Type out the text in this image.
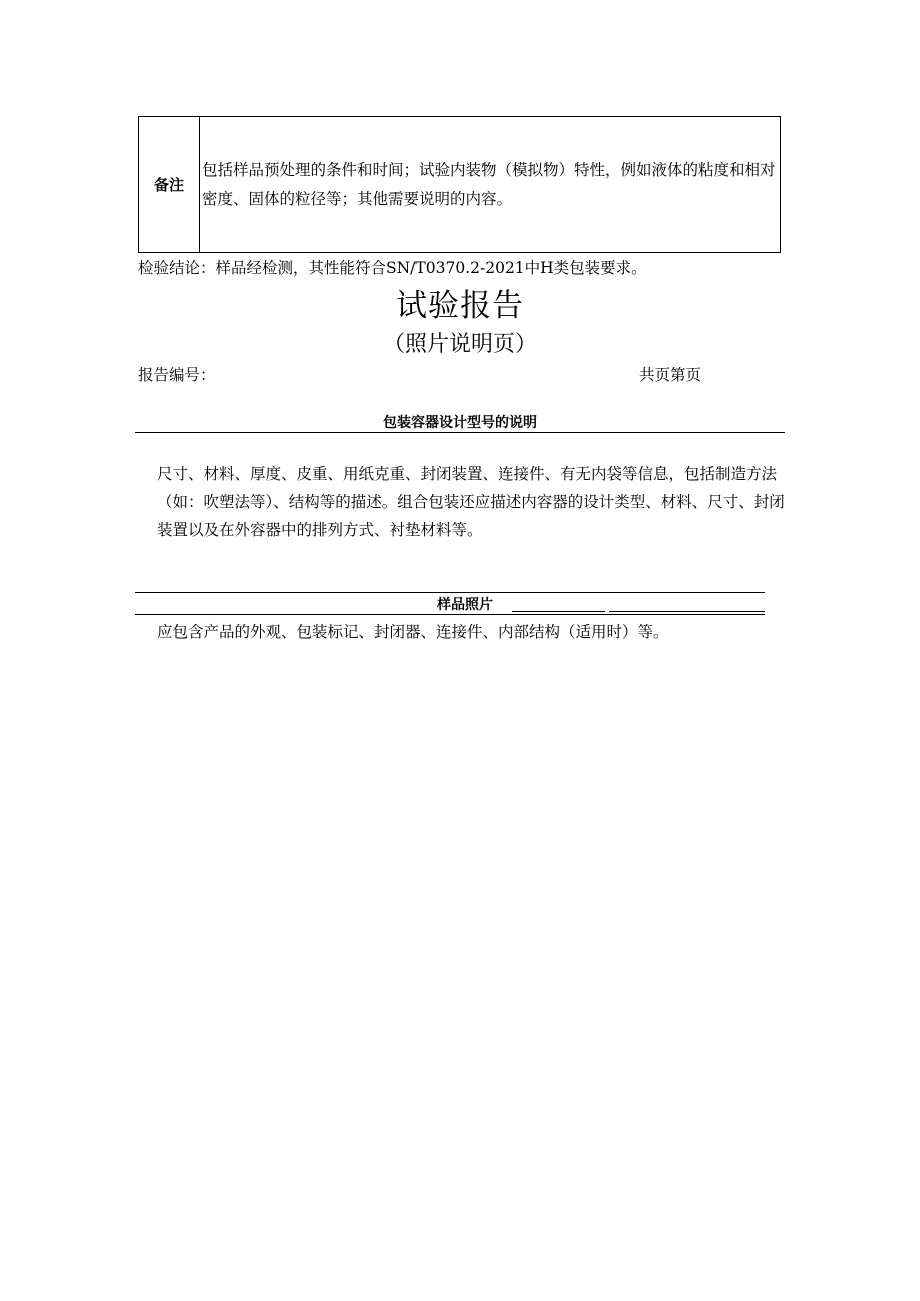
备注
包括样品预处理的条件和时间；试验内装物（模拟物）特性，例如液体的粘度和相对密度、固体的粒径等；其他需要说明的内容。
检验结论：样品经检测，其性能符合SN/T0370.2-2021中H类包装要求。
试验报告
（照片说明页）
报告编号：	共页第页
包装容器设计型号的说明
尺寸、材料、厚度、皮重、用纸克重、封闭装置、连接件、有无内袋等信息，包括制造方法（如：吹塑法等）、结构等的描述。组合包装还应描述内容器的设计类型、材料、尺寸、封闭装置以及在外容器中的排列方式、衬垫材料等。
样品照片
应包含产品的外观、包装标记、封闭器、连接件、内部结构（适用时）等。
